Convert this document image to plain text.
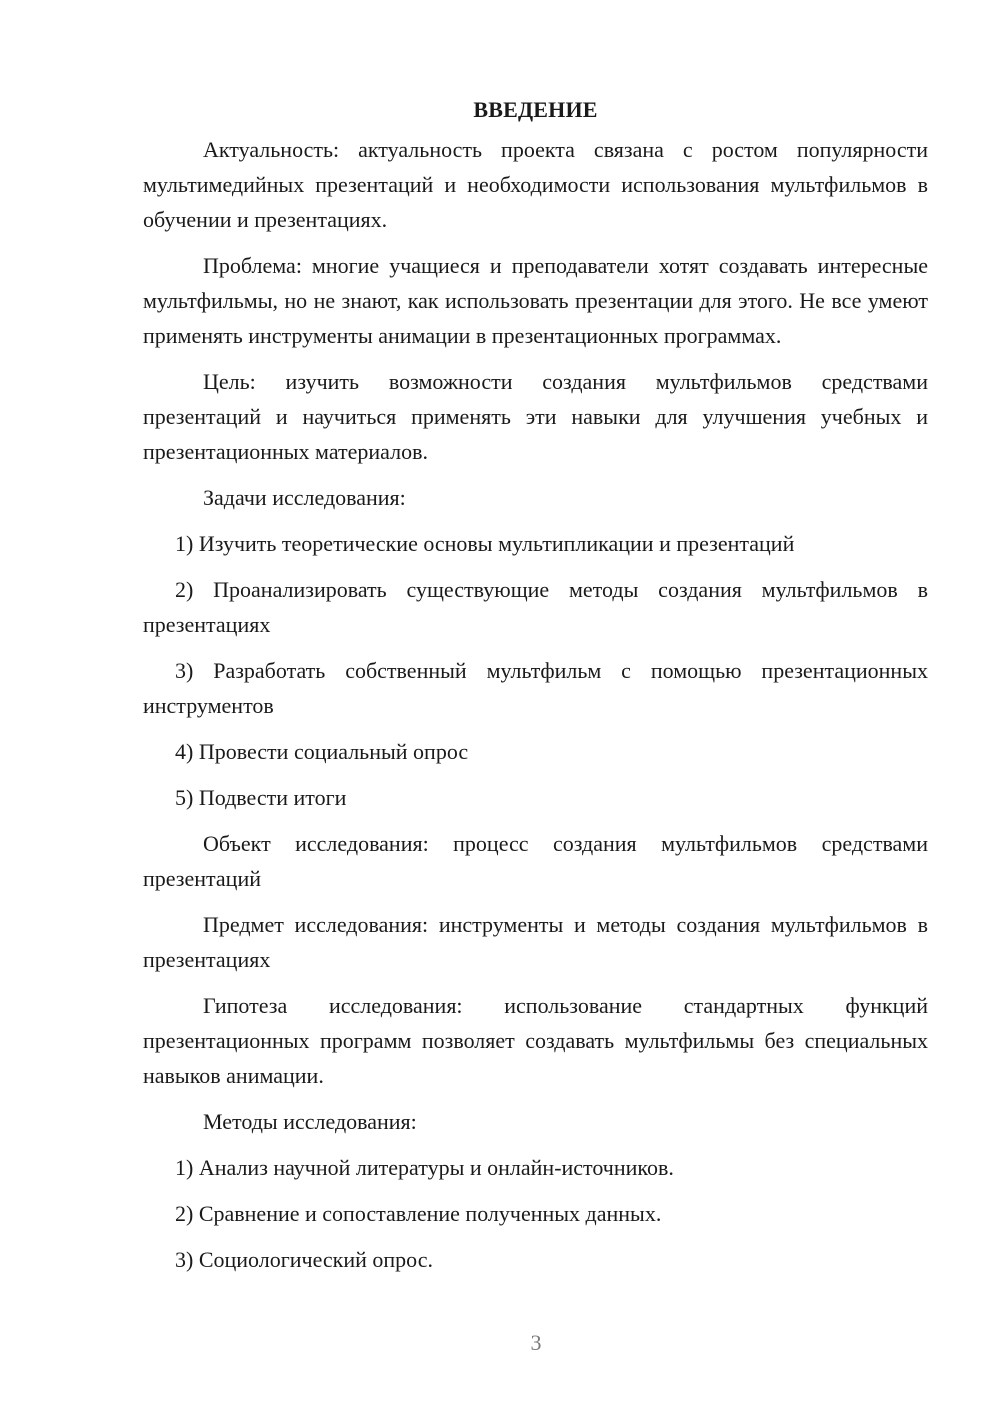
ВВЕДЕНИЕ

Актуальность: актуальность проекта связана с ростом популярности мультимедийных презентаций и необходимости использования мультфильмов в обучении и презентациях.

Проблема: многие учащиеся и преподаватели хотят создавать интересные мультфильмы, но не знают, как использовать презентации для этого. Не все умеют применять инструменты анимации в презентационных программах.

Цель: изучить возможности создания мультфильмов средствами презентаций и научиться применять эти навыки для улучшения учебных и презентационных материалов.

Задачи исследования:

1) Изучить теоретические основы мультипликации и презентаций

2) Проанализировать существующие методы создания мультфильмов в презентациях

3) Разработать собственный мультфильм с помощью презентационных инструментов

4) Провести социальный опрос

5) Подвести итоги

Объект исследования: процесс создания мультфильмов средствами презентаций

Предмет исследования: инструменты и методы создания мультфильмов в презентациях

Гипотеза исследования: использование стандартных функций презентационных программ позволяет создавать мультфильмы без специальных навыков анимации.

Методы исследования:

1) Анализ научной литературы и онлайн-источников.

2) Сравнение и сопоставление полученных данных.

3) Социологический опрос.

3
